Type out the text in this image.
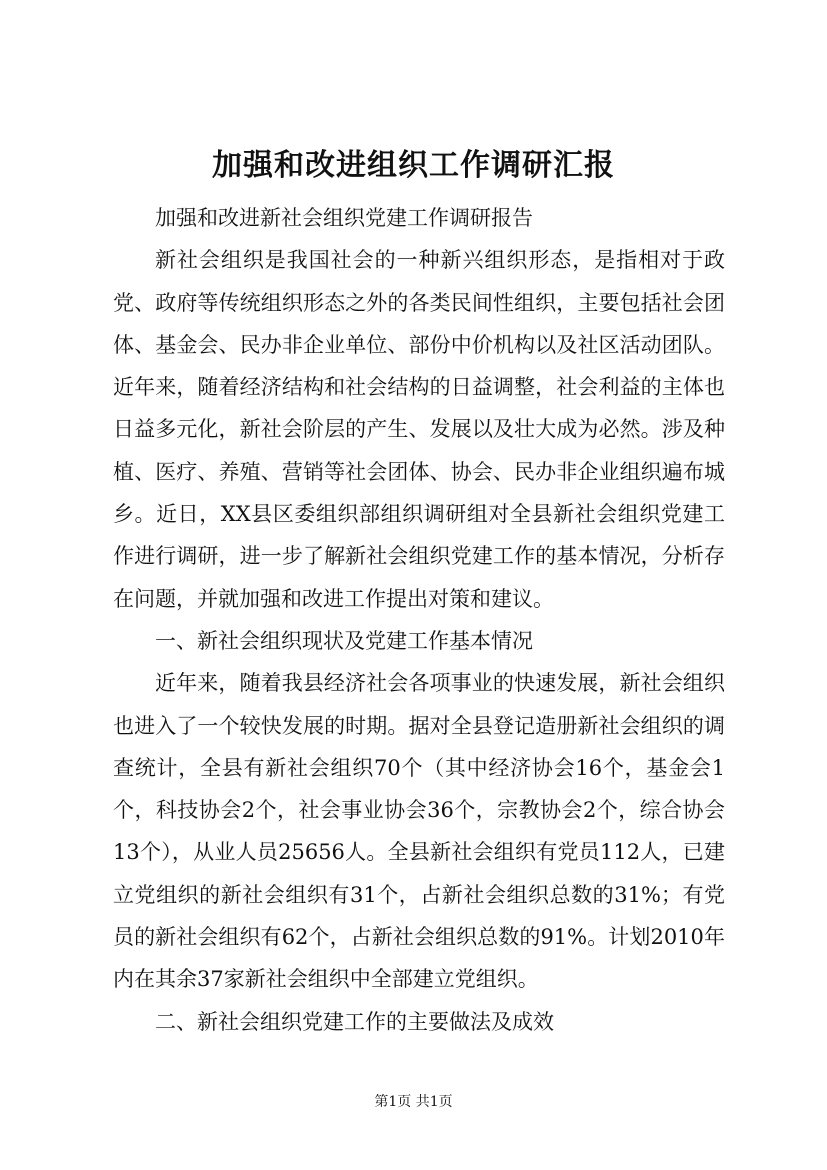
加强和改进组织工作调研汇报

加强和改进新社会组织党建工作调研报告

新社会组织是我国社会的一种新兴组织形态，是指相对于政党、政府等传统组织形态之外的各类民间性组织，主要包括社会团体、基金会、民办非企业单位、部份中价机构以及社区活动团队。近年来，随着经济结构和社会结构的日益调整，社会利益的主体也日益多元化，新社会阶层的产生、发展以及壮大成为必然。涉及种植、医疗、养殖、营销等社会团体、协会、民办非企业组织遍布城乡。近日，XX县区委组织部组织调研组对全县新社会组织党建工作进行调研，进一步了解新社会组织党建工作的基本情况，分析存在问题，并就加强和改进工作提出对策和建议。

一、新社会组织现状及党建工作基本情况

近年来，随着我县经济社会各项事业的快速发展，新社会组织也进入了一个较快发展的时期。据对全县登记造册新社会组织的调查统计，全县有新社会组织70个（其中经济协会16个，基金会1个，科技协会2个，社会事业协会36个，宗教协会2个，综合协会13个），从业人员25656人。全县新社会组织有党员112人，已建立党组织的新社会组织有31个，占新社会组织总数的31%；有党员的新社会组织有62个，占新社会组织总数的91%。计划2010年内在其余37家新社会组织中全部建立党组织。

二、新社会组织党建工作的主要做法及成效

第1页 共1页
